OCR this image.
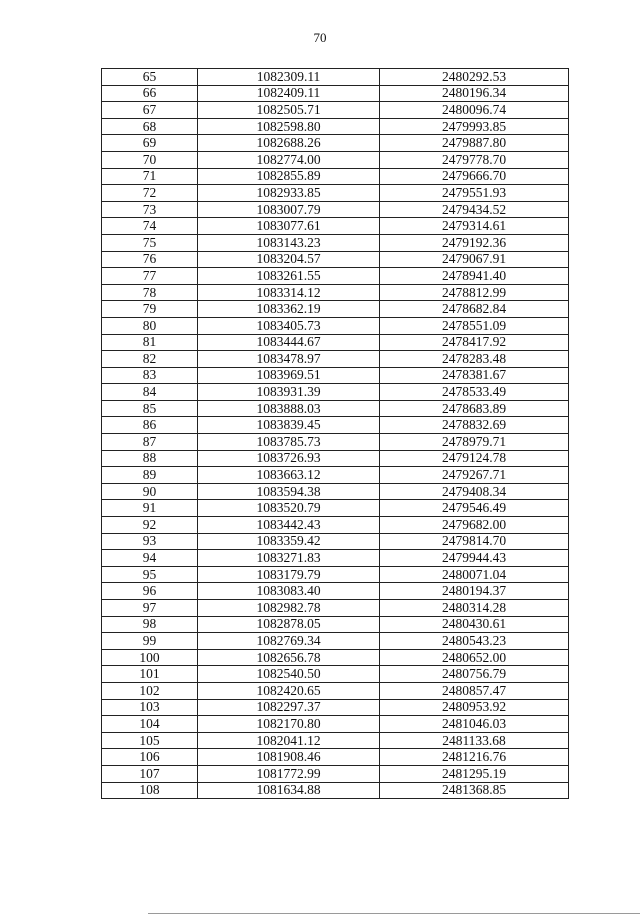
70
65	1082309.11	2480292.53
66	1082409.11	2480196.34
67	1082505.71	2480096.74
68	1082598.80	2479993.85
69	1082688.26	2479887.80
70	1082774.00	2479778.70
71	1082855.89	2479666.70
72	1082933.85	2479551.93
73	1083007.79	2479434.52
74	1083077.61	2479314.61
75	1083143.23	2479192.36
76	1083204.57	2479067.91
77	1083261.55	2478941.40
78	1083314.12	2478812.99
79	1083362.19	2478682.84
80	1083405.73	2478551.09
81	1083444.67	2478417.92
82	1083478.97	2478283.48
83	1083969.51	2478381.67
84	1083931.39	2478533.49
85	1083888.03	2478683.89
86	1083839.45	2478832.69
87	1083785.73	2478979.71
88	1083726.93	2479124.78
89	1083663.12	2479267.71
90	1083594.38	2479408.34
91	1083520.79	2479546.49
92	1083442.43	2479682.00
93	1083359.42	2479814.70
94	1083271.83	2479944.43
95	1083179.79	2480071.04
96	1083083.40	2480194.37
97	1082982.78	2480314.28
98	1082878.05	2480430.61
99	1082769.34	2480543.23
100	1082656.78	2480652.00
101	1082540.50	2480756.79
102	1082420.65	2480857.47
103	1082297.37	2480953.92
104	1082170.80	2481046.03
105	1082041.12	2481133.68
106	1081908.46	2481216.76
107	1081772.99	2481295.19
108	1081634.88	2481368.85
